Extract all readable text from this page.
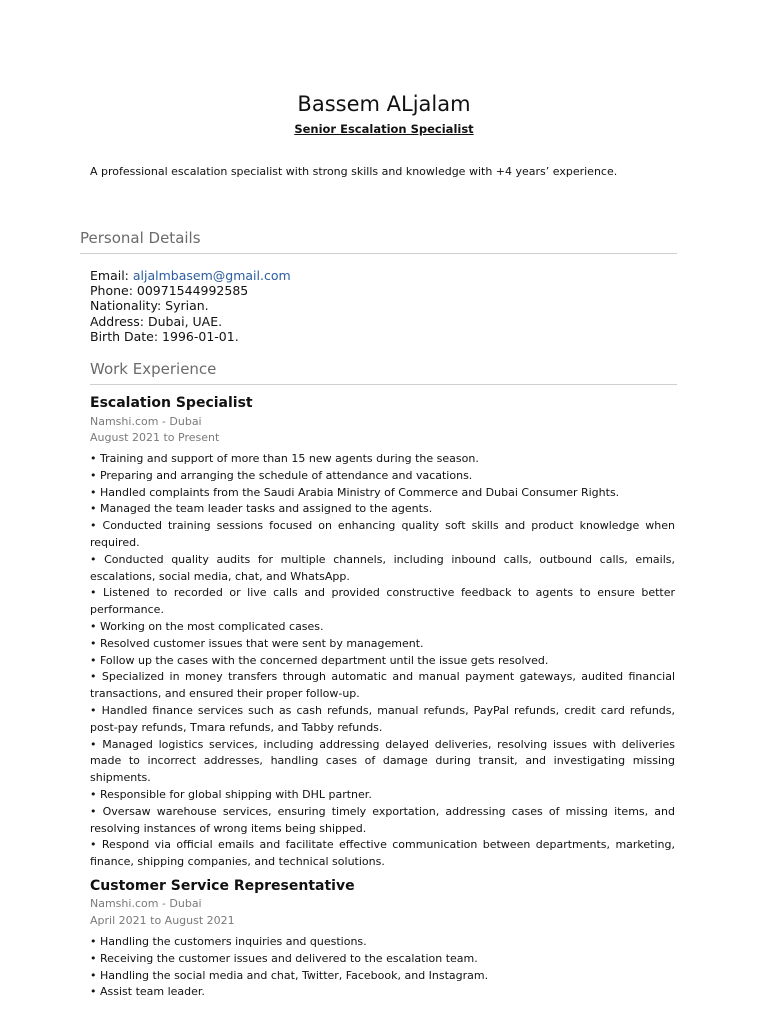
Bassem ALjalam
Senior Escalation Specialist
A professional escalation specialist with strong skills and knowledge with +4 years’ experience.
Personal Details
Email: aljalmbasem@gmail.com
Phone: 00971544992585
Nationality: Syrian.
Address: Dubai, UAE.
Birth Date: 1996-01-01.
Work Experience
Escalation Specialist
Namshi.com - Dubai
August 2021 to Present
• Training and support of more than 15 new agents during the season.
• Preparing and arranging the schedule of attendance and vacations.
• Handled complaints from the Saudi Arabia Ministry of Commerce and Dubai Consumer Rights.
• Managed the team leader tasks and assigned to the agents.
• Conducted training sessions focused on enhancing quality soft skills and product knowledge when required.
• Conducted quality audits for multiple channels, including inbound calls, outbound calls, emails, escalations, social media, chat, and WhatsApp.
• Listened to recorded or live calls and provided constructive feedback to agents to ensure better performance.
• Working on the most complicated cases.
• Resolved customer issues that were sent by management.
• Follow up the cases with the concerned department until the issue gets resolved.
• Specialized in money transfers through automatic and manual payment gateways, audited financial transactions, and ensured their proper follow-up.
• Handled finance services such as cash refunds, manual refunds, PayPal refunds, credit card refunds, post-pay refunds, Tmara refunds, and Tabby refunds.
• Managed logistics services, including addressing delayed deliveries, resolving issues with deliveries made to incorrect addresses, handling cases of damage during transit, and investigating missing shipments.
• Responsible for global shipping with DHL partner.
• Oversaw warehouse services, ensuring timely exportation, addressing cases of missing items, and resolving instances of wrong items being shipped.
• Respond via official emails and facilitate effective communication between departments, marketing, finance, shipping companies, and technical solutions.
Customer Service Representative
Namshi.com - Dubai
April 2021 to August 2021
• Handling the customers inquiries and questions.
• Receiving the customer issues and delivered to the escalation team.
• Handling the social media and chat, Twitter, Facebook, and Instagram.
• Assist team leader.
